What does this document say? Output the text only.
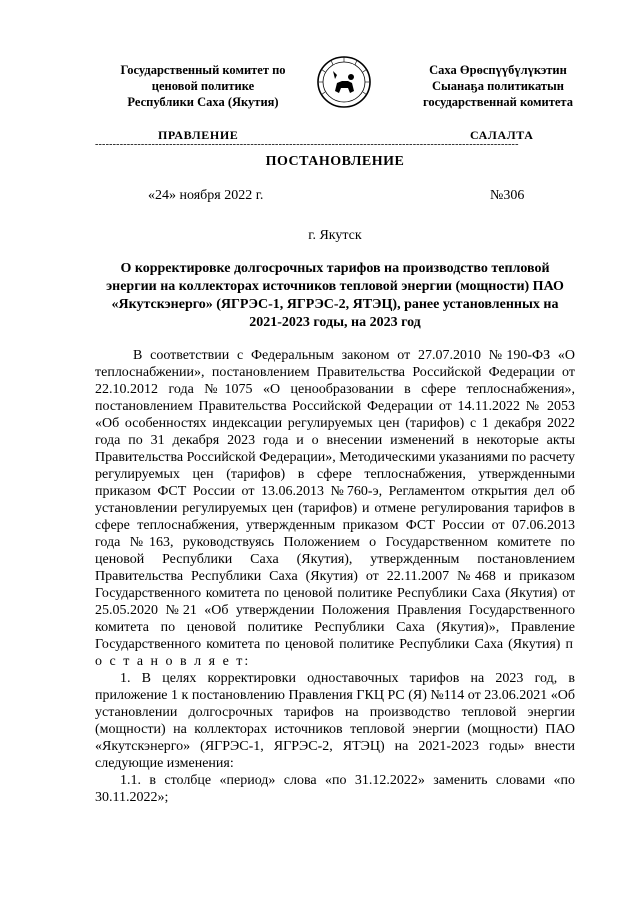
Государственный комитет по
ценовой политике
Республики Саха (Якутия)
Саха Өрөспүүбүлүкэтин
Сыанаҕа политикатын
государственнай комитета
ПРАВЛЕНИЕ	САЛАЛТА
------------------------------------------------------------------------------------------------------------------------
ПОСТАНОВЛЕНИЕ
«24» ноября 2022 г.	№306
г. Якутск
О корректировке долгосрочных тарифов на производство тепловой энергии на коллекторах источников тепловой энергии (мощности) ПАО «Якутскэнерго» (ЯГРЭС-1, ЯГРЭС-2, ЯТЭЦ), ранее установленных на 2021-2023 годы, на 2023 год

В соответствии с Федеральным законом от 27.07.2010 №190-ФЗ «О теплоснабжении», постановлением Правительства Российской Федерации от 22.10.2012 года №1075 «О ценообразовании в сфере теплоснабжения», постановлением Правительства Российской Федерации от 14.11.2022 № 2053 «Об особенностях индексации регулируемых цен (тарифов) с 1 декабря 2022 года по 31 декабря 2023 года и о внесении изменений в некоторые акты Правительства Российской Федерации», Методическими указаниями по расчету регулируемых цен (тарифов) в сфере теплоснабжения, утвержденными приказом ФСТ России от 13.06.2013 №760-э, Регламентом открытия дел об установлении регулируемых цен (тарифов) и отмене регулирования тарифов в сфере теплоснабжения, утвержденным приказом ФСТ России от 07.06.2013 года №163, руководствуясь Положением о Государственном комитете по ценовой Республики Саха (Якутия), утвержденным постановлением Правительства Республики Саха (Якутия) от 22.11.2007 №468 и приказом Государственного комитета по ценовой политике Республики Саха (Якутия) от 25.05.2020 №21 «Об утверждении Положения Правления Государственного комитета по ценовой политике Республики Саха (Якутия)», Правление Государственного комитета по ценовой политике Республики Саха (Якутия) п о с т а н о в л я е т:

1. В целях корректировки одноставочных тарифов на 2023 год, в приложение 1 к постановлению Правления ГКЦ РС (Я) №114 от 23.06.2021 «Об установлении долгосрочных тарифов на производство тепловой энергии (мощности) на коллекторах источников тепловой энергии (мощности) ПАО «Якутскэнерго» (ЯГРЭС-1, ЯГРЭС-2, ЯТЭЦ) на 2021-2023 годы» внести следующие изменения:

1.1. в столбце «период» слова «по 31.12.2022» заменить словами «по 30.11.2022»;
